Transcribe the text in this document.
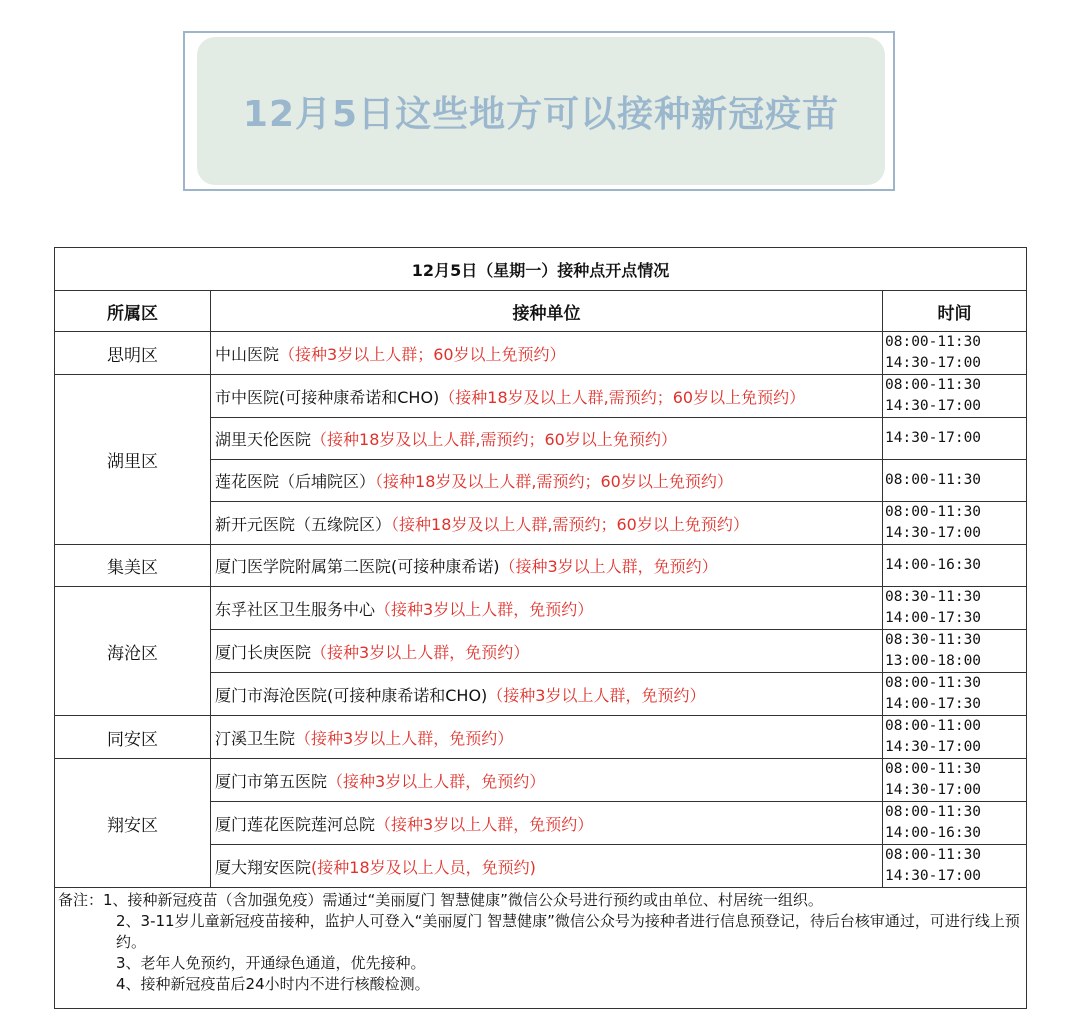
12月5日这些地方可以接种新冠疫苗
12月5日（星期一）接种点开点情况		
所属区	接种单位	时间
思明区	中山医院（接种3岁以上人群；60岁以上免预约）	08:00-11:30
14:30-17:00

湖里区	市中医院(可接种康希诺和CHO)（接种18岁及以上人群,需预约；60岁以上免预约）	08:00-11:30
14:30-17:00

	湖里天伦医院（接种18岁及以上人群,需预约；60岁以上免预约）	14:30-17:00

	莲花医院（后埔院区）（接种18岁及以上人群,需预约；60岁以上免预约）	08:00-11:30

	新开元医院（五缘院区）（接种18岁及以上人群,需预约；60岁以上免预约）	08:00-11:30
14:30-17:00

集美区	厦门医学院附属第二医院(可接种康希诺)（接种3岁以上人群，免预约）	14:00-16:30

海沧区	东孚社区卫生服务中心（接种3岁以上人群，免预约）	08:30-11:30
14:00-17:30

	厦门长庚医院（接种3岁以上人群，免预约）	08:30-11:30
13:00-18:00

	厦门市海沧医院(可接种康希诺和CHO)（接种3岁以上人群，免预约）	08:00-11:30
14:00-17:30

同安区	汀溪卫生院（接种3岁以上人群，免预约）	08:00-11:00
14:30-17:00

翔安区	厦门市第五医院（接种3岁以上人群，免预约）	08:00-11:30
14:30-17:00

	厦门莲花医院莲河总院（接种3岁以上人群，免预约）	08:00-11:30
14:00-16:30

	厦大翔安医院(接种18岁及以上人员，免预约)	08:00-11:30
14:30-17:00

备注：1、接种新冠疫苗（含加强免疫）需通过“美丽厦门 智慧健康”微信公众号进行预约或由单位、村居统一组织。

2、3-11岁儿童新冠疫苗接种，监护人可登入“美丽厦门 智慧健康”微信公众号为接种者进行信息预登记，待后台核审通过，可进行线上预约。

3、老年人免预约，开通绿色通道，优先接种。

4、接种新冠疫苗后24小时内不进行核酸检测。		
